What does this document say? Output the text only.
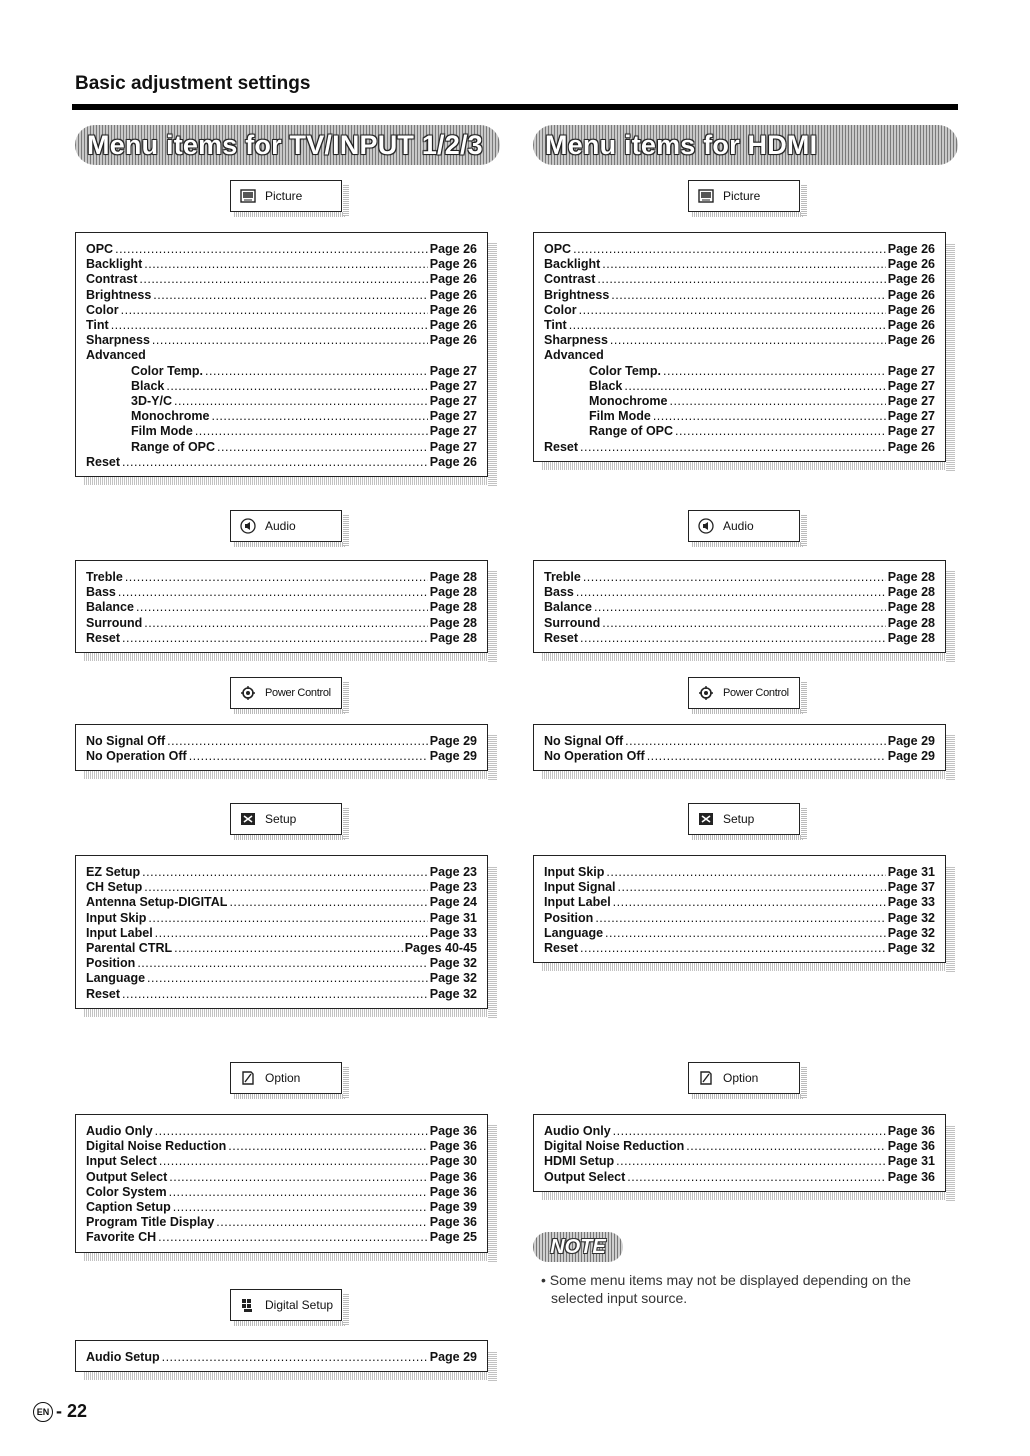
Basic adjustment settings
Menu items for TV/INPUT 1/2/3
Picture
OPC .....	Page 26
Backlight .....	Page 26
Contrast .....	Page 26
Brightness .....	Page 26
Color .....	Page 26
Tint .....	Page 26
Sharpness .....	Page 26
Advanced
Color Temp. .....	Page 27
Black .....	Page 27
3D-Y/C .....	Page 27
Monochrome .....	Page 27
Film Mode .....	Page 27
Range of OPC .....	Page 27
Reset .....	Page 26
Audio
Treble .....	Page 28
Bass .....	Page 28
Balance .....	Page 28
Surround .....	Page 28
Reset .....	Page 28
Power Control
No Signal Off .....	Page 29
No Operation Off .....	Page 29
Setup
EZ Setup .....	Page 23
CH Setup .....	Page 23
Antenna Setup-DIGITAL .....	Page 24
Input Skip .....	Page 31
Input Label .....	Page 33
Parental CTRL .....	Pages 40-45
Position .....	Page 32
Language .....	Page 32
Reset .....	Page 32
Option
Audio Only .....	Page 36
Digital Noise Reduction .....	Page 36
Input Select .....	Page 30
Output Select .....	Page 36
Color System .....	Page 36
Caption Setup .....	Page 39
Program Title Display .....	Page 36
Favorite CH .....	Page 25
Digital Setup
Audio Setup .....	Page 29
Menu items for HDMI
Picture
OPC .....	Page 26
Backlight .....	Page 26
Contrast .....	Page 26
Brightness .....	Page 26
Color .....	Page 26
Tint .....	Page 26
Sharpness .....	Page 26
Advanced
Color Temp. .....	Page 27
Black .....	Page 27
Monochrome .....	Page 27
Film Mode .....	Page 27
Range of OPC .....	Page 27
Reset .....	Page 26
Audio
Treble .....	Page 28
Bass .....	Page 28
Balance .....	Page 28
Surround .....	Page 28
Reset .....	Page 28
Power Control
No Signal Off .....	Page 29
No Operation Off .....	Page 29
Setup
Input Skip .....	Page 31
Input Signal .....	Page 37
Input Label .....	Page 33
Position .....	Page 32
Language .....	Page 32
Reset .....	Page 32
Option
Audio Only .....	Page 36
Digital Noise Reduction .....	Page 36
HDMI Setup .....	Page 31
Output Select .....	Page 36
NOTE
• Some menu items may not be displayed depending on the selected input source.
EN - 22
